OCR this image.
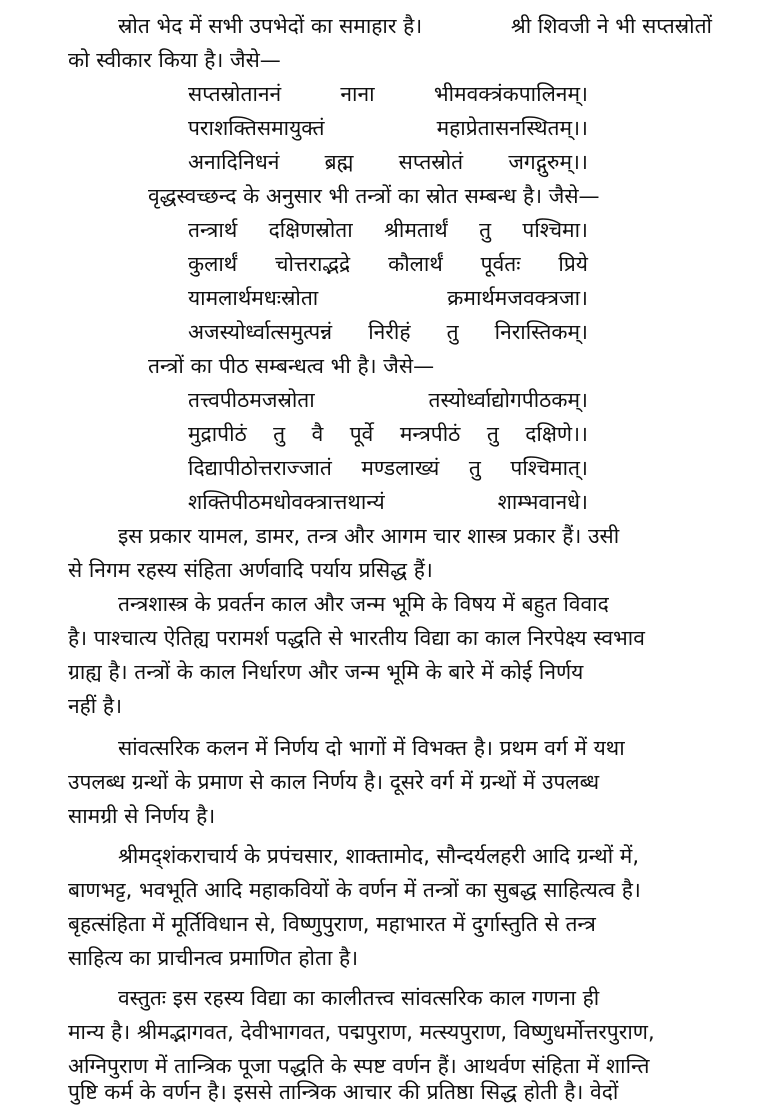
स्रोत भेद में सभी उपभेदों का समाहार है।	श्री शिवजी ने भी सप्तस्रोतों
को स्वीकार किया है। जैसे—
सप्तस्रोताननं	नाना	भीमवक्त्रंकपालिनम्।
पराशक्तिसमायुक्तं	महाप्रेतासनस्थितम्।।
अनादिनिधनं ब्रह्म सप्तस्रोतं जगद्गुरुम्।।
वृद्धस्वच्छन्द के अनुसार भी तन्त्रों का स्रोत सम्बन्ध है। जैसे—
तन्त्रार्थ दक्षिणस्रोता श्रीमतार्थं तु पश्चिमा।
कुलार्थं चोत्तराद्भद्रे कौलार्थं पूर्वतः प्रिये
यामलार्थमधःस्रोता	क्रमार्थमजवक्त्रजा।
अजस्योर्ध्वात्समुत्पन्नं निरीहं तु निरास्तिकम्।
तन्त्रों का पीठ सम्बन्धत्व भी है। जैसे—
तत्त्वपीठमजस्रोता	तस्योर्ध्वाद्योगपीठकम्।
मुद्रापीठं तु वै पूर्वे मन्त्रपीठं तु दक्षिणे।।
दिद्यापीठोत्तराज्जातं मण्डलाख्यं तु पश्चिमात्।
शक्तिपीठमधोवक्त्रात्तथान्यं	शाम्भवानधे।
इस प्रकार यामल, डामर, तन्त्र और आगम चार शास्त्र प्रकार हैं। उसी
से निगम रहस्य संहिता अर्णवादि पर्याय प्रसिद्ध हैं।
तन्त्रशास्त्र के प्रवर्तन काल और जन्म भूमि के विषय में बहुत विवाद
है। पाश्चात्य ऐतिह्य परामर्श पद्धति से भारतीय विद्या का काल निरपेक्ष्य स्वभाव
ग्राह्य है। तन्त्रों के काल निर्धारण और जन्म भूमि के बारे में कोई निर्णय
नहीं है।
सांवत्सरिक कलन में निर्णय दो भागों में विभक्त है। प्रथम वर्ग में यथा
उपलब्ध ग्रन्थों के प्रमाण से काल निर्णय है। दूसरे वर्ग में ग्रन्थों में उपलब्ध
सामग्री से निर्णय है।
श्रीमद्शंकराचार्य के प्रपंचसार, शाक्तामोद, सौन्दर्यलहरी आदि ग्रन्थों में,
बाणभट्ट, भवभूति आदि महाकवियों के वर्णन में तन्त्रों का सुबद्ध साहित्यत्व है।
बृहत्संहिता में मूर्तिविधान से, विष्णुपुराण, महाभारत में दुर्गास्तुति से तन्त्र
साहित्य का प्राचीनत्व प्रमाणित होता है।
वस्तुतः इस रहस्य विद्या का कालीतत्त्व सांवत्सरिक काल गणना ही
मान्य है। श्रीमद्भागवत, देवीभागवत, पद्मपुराण, मत्स्यपुराण, विष्णुधर्मोत्तरपुराण,
अग्निपुराण में तान्त्रिक पूजा पद्धति के स्पष्ट वर्णन हैं। आथर्वण संहिता में शान्ति
पुष्टि कर्म के वर्णन है। इससे तान्त्रिक आचार की प्रतिष्ठा सिद्ध होती है। वेदों
